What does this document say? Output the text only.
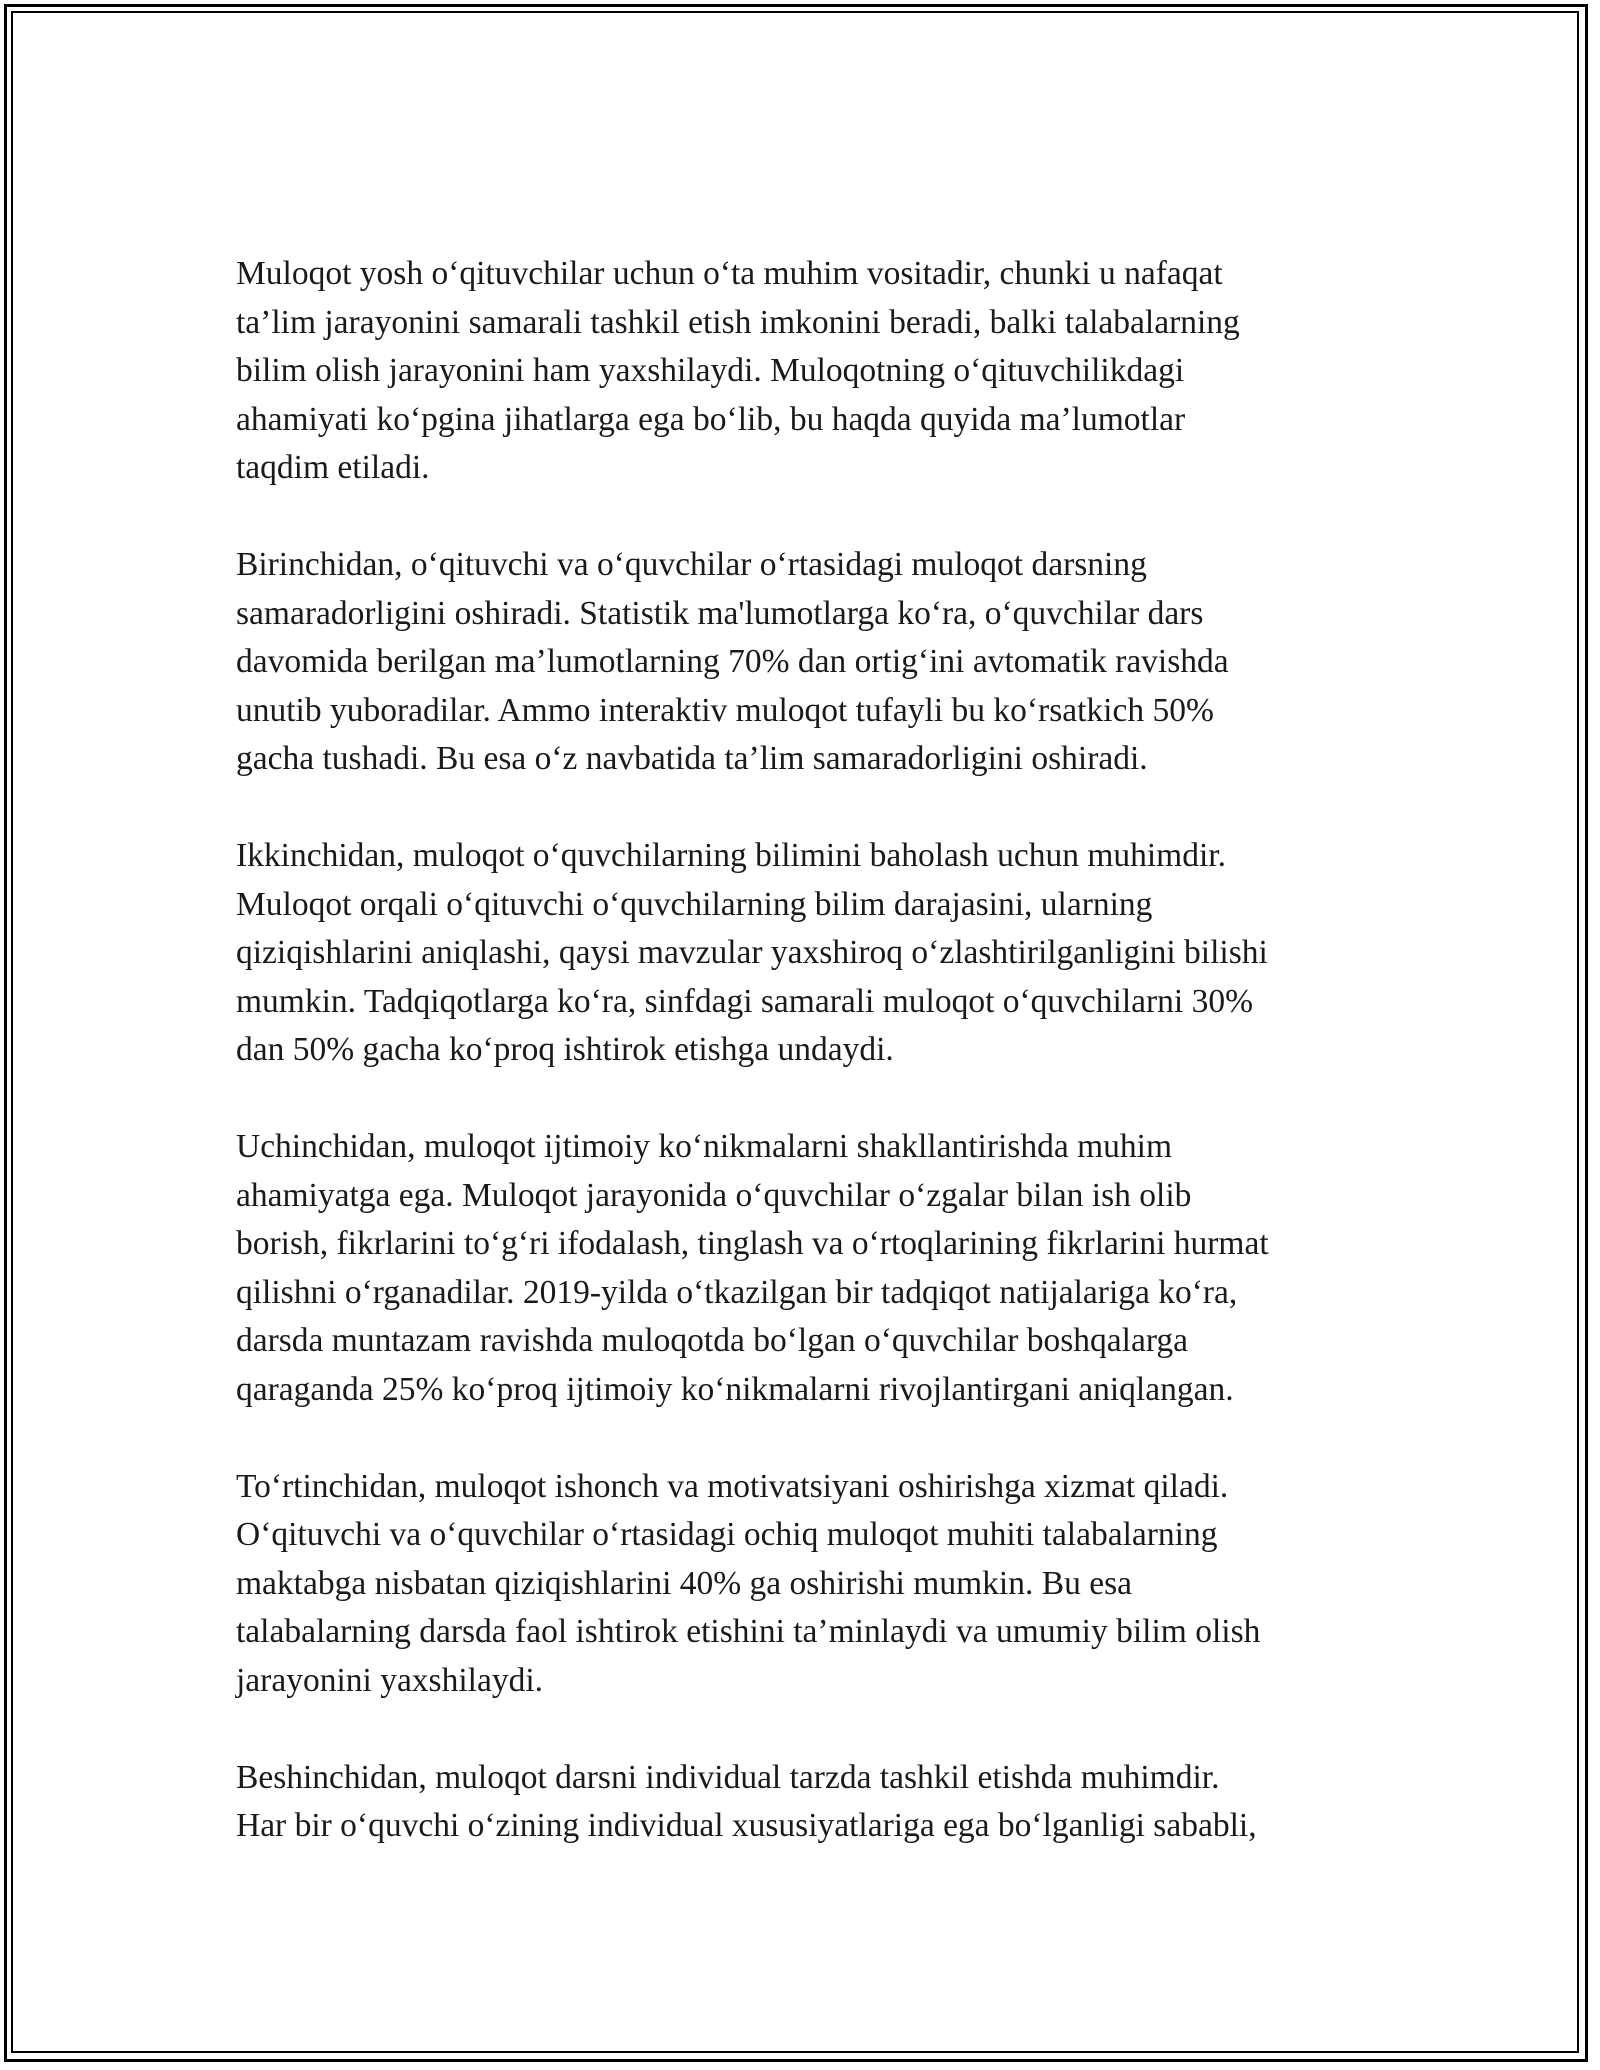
Muloqot yosh o‘qituvchilar uchun o‘ta muhim vositadir, chunki u nafaqat
ta’lim jarayonini samarali tashkil etish imkonini beradi, balki talabalarning
bilim olish jarayonini ham yaxshilaydi. Muloqotning o‘qituvchilikdagi
ahamiyati ko‘pgina jihatlarga ega bo‘lib, bu haqda quyida ma’lumotlar
taqdim etiladi.

Birinchidan, o‘qituvchi va o‘quvchilar o‘rtasidagi muloqot darsning
samaradorligini oshiradi. Statistik ma'lumotlarga ko‘ra, o‘quvchilar dars
davomida berilgan ma’lumotlarning 70% dan ortig‘ini avtomatik ravishda
unutib yuboradilar. Ammo interaktiv muloqot tufayli bu ko‘rsatkich 50%
gacha tushadi. Bu esa o‘z navbatida ta’lim samaradorligini oshiradi.

Ikkinchidan, muloqot o‘quvchilarning bilimini baholash uchun muhimdir.
Muloqot orqali o‘qituvchi o‘quvchilarning bilim darajasini, ularning
qiziqishlarini aniqlashi, qaysi mavzular yaxshiroq o‘zlashtirilganligini bilishi
mumkin. Tadqiqotlarga ko‘ra, sinfdagi samarali muloqot o‘quvchilarni 30%
dan 50% gacha ko‘proq ishtirok etishga undaydi.

Uchinchidan, muloqot ijtimoiy ko‘nikmalarni shakllantirishda muhim
ahamiyatga ega. Muloqot jarayonida o‘quvchilar o‘zgalar bilan ish olib
borish, fikrlarini to‘g‘ri ifodalash, tinglash va o‘rtoqlarining fikrlarini hurmat
qilishni o‘rganadilar. 2019-yilda o‘tkazilgan bir tadqiqot natijalariga ko‘ra,
darsda muntazam ravishda muloqotda bo‘lgan o‘quvchilar boshqalarga
qaraganda 25% ko‘proq ijtimoiy ko‘nikmalarni rivojlantirgani aniqlangan.

To‘rtinchidan, muloqot ishonch va motivatsiyani oshirishga xizmat qiladi.
O‘qituvchi va o‘quvchilar o‘rtasidagi ochiq muloqot muhiti talabalarning
maktabga nisbatan qiziqishlarini 40% ga oshirishi mumkin. Bu esa
talabalarning darsda faol ishtirok etishini ta’minlaydi va umumiy bilim olish
jarayonini yaxshilaydi.

Beshinchidan, muloqot darsni individual tarzda tashkil etishda muhimdir.
Har bir o‘quvchi o‘zining individual xususiyatlariga ega bo‘lganligi sababli,
